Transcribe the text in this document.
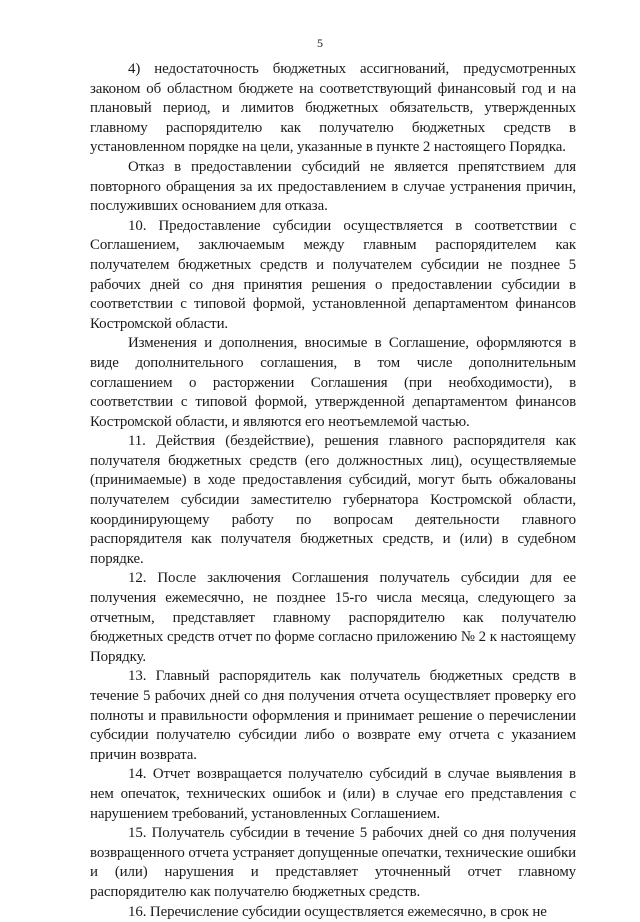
5

4) недостаточность бюджетных ассигнований, предусмотренных законом об областном бюджете на соответствующий финансовый год и на плановый период, и лимитов бюджетных обязательств, утвержденных главному распорядителю как получателю бюджетных средств в установленном порядке на цели, указанные в пункте 2 настоящего Порядка.

Отказ в предоставлении субсидий не является препятствием для повторного обращения за их предоставлением в случае устранения причин, послуживших основанием для отказа.

10. Предоставление субсидии осуществляется в соответствии с Соглашением, заключаемым между главным распорядителем как получателем бюджетных средств и получателем субсидии не позднее 5 рабочих дней со дня принятия решения о предоставлении субсидии в соответствии с типовой формой, установленной департаментом финансов Костромской области.

Изменения и дополнения, вносимые в Соглашение, оформляются в виде дополнительного соглашения, в том числе дополнительным соглашением о расторжении Соглашения (при необходимости), в соответствии с типовой формой, утвержденной департаментом финансов Костромской области, и являются его неотъемлемой частью.

11. Действия (бездействие), решения главного распорядителя как получателя бюджетных средств (его должностных лиц), осуществляемые (принимаемые) в ходе предоставления субсидий, могут быть обжалованы получателем субсидии заместителю губернатора Костромской области, координирующему работу по вопросам деятельности главного распорядителя как получателя бюджетных средств, и (или) в судебном порядке.

12. После заключения Соглашения получатель субсидии для ее получения ежемесячно, не позднее 15-го числа месяца, следующего за отчетным, представляет главному распорядителю как получателю бюджетных средств отчет по форме согласно приложению № 2 к настоящему Порядку.

13. Главный распорядитель как получатель бюджетных средств в течение 5 рабочих дней со дня получения отчета осуществляет проверку его полноты и правильности оформления и принимает решение о перечислении субсидии получателю субсидии либо о возврате ему отчета с указанием причин возврата.

14. Отчет возвращается получателю субсидий в случае выявления в нем опечаток, технических ошибок и (или) в случае его представления с нарушением требований, установленных Соглашением.

15. Получатель субсидии в течение 5 рабочих дней со дня получения возвращенного отчета устраняет допущенные опечатки, технические ошибки и (или) нарушения и представляет уточненный отчет главному распорядителю как получателю бюджетных средств.

16. Перечисление субсидии осуществляется ежемесячно, в срок не
